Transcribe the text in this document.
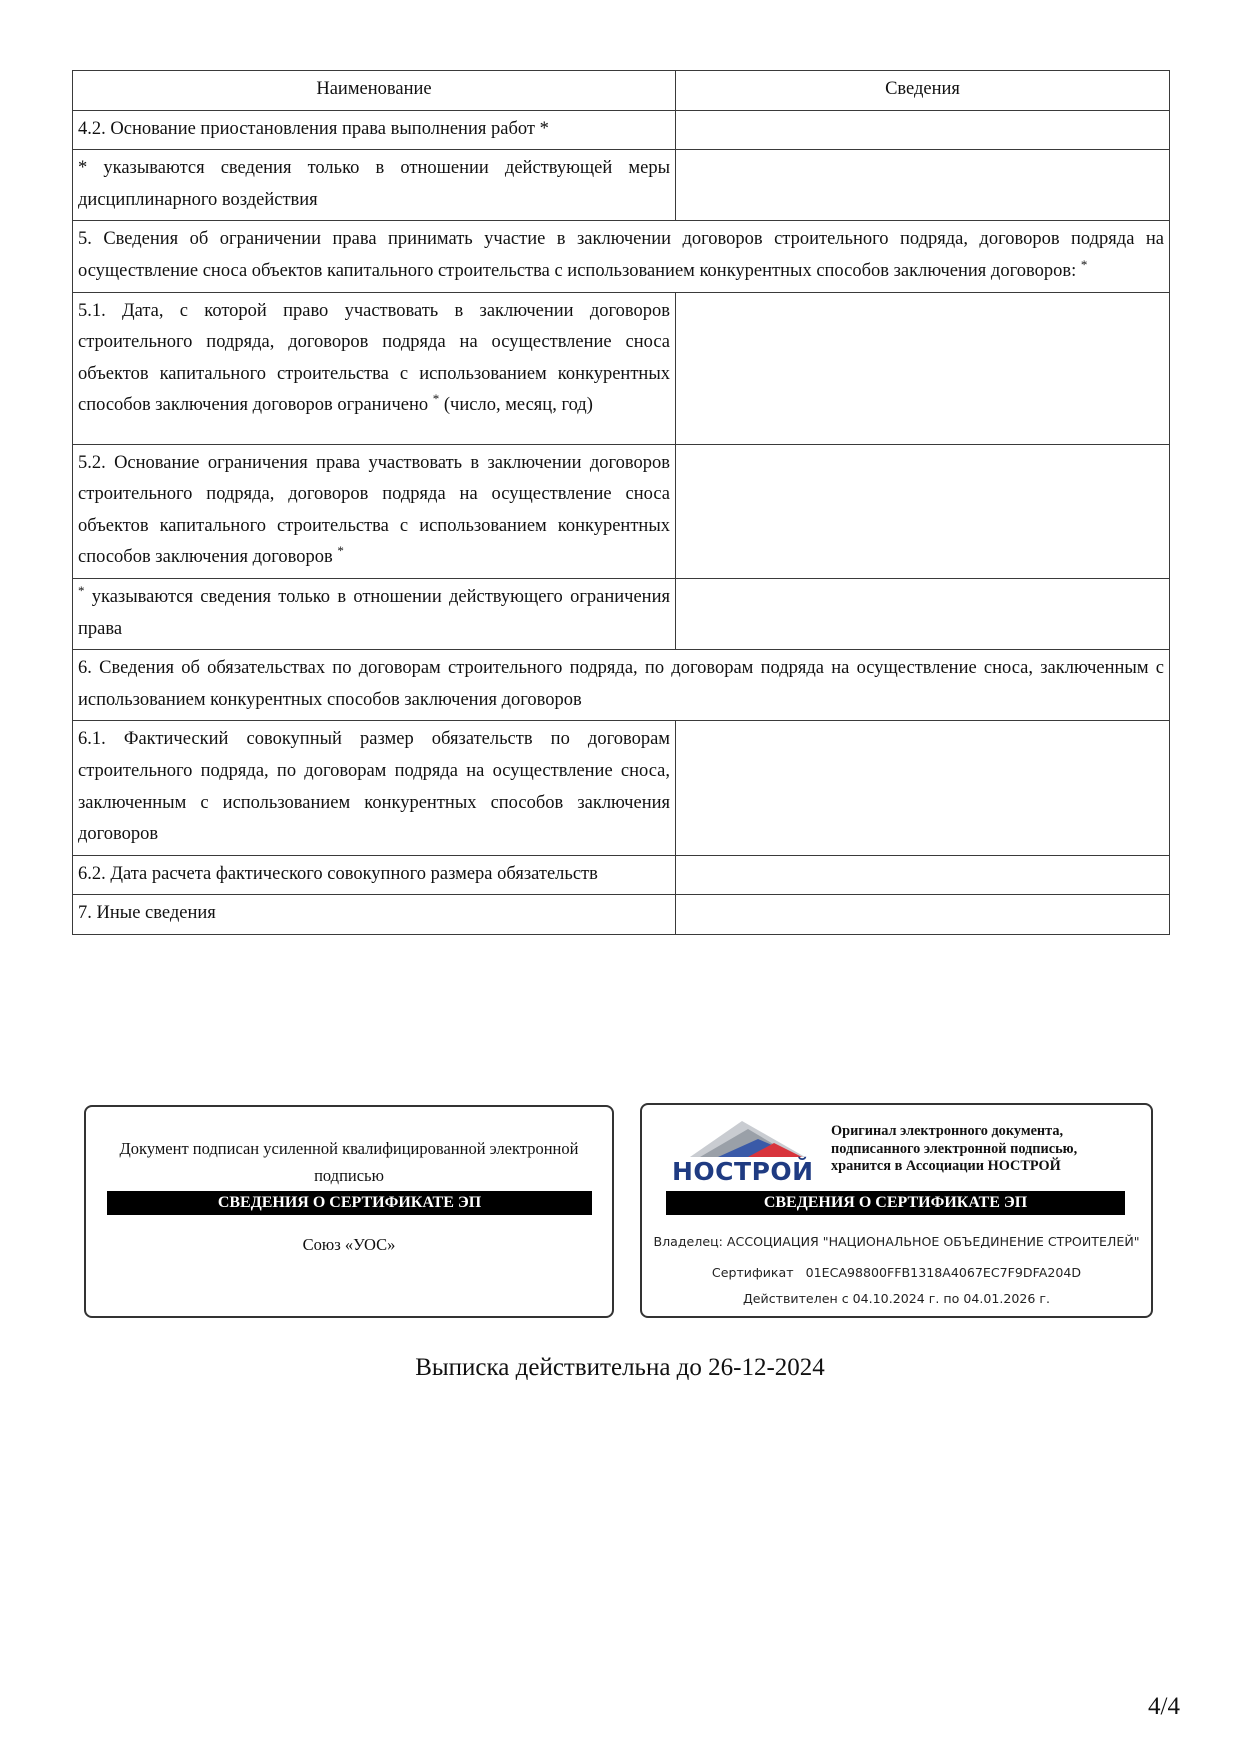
Наименование	Сведения
4.2. Основание приостановления права выполнения работ *	
* указываются сведения только в отношении действующей меры дисциплинарного воздействия	
5. Сведения об ограничении права принимать участие в заключении договоров строительного подряда, договоров подряда на осуществление сноса объектов капитального строительства с использованием конкурентных способов заключения договоров: *
5.1. Дата, с которой право участвовать в заключении договоров строительного подряда, договоров подряда на осуществление сноса объектов капитального строительства с использованием конкурентных способов заключения договоров ограничено * (число, месяц, год)	
5.2. Основание ограничения права участвовать в заключении договоров строительного подряда, договоров подряда на осуществление сноса объектов капитального строительства с использованием конкурентных способов заключения договоров *	
* указываются сведения только в отношении действующего ограничения права	
6. Сведения об обязательствах по договорам строительного подряда, по договорам подряда на осуществление сноса, заключенным с использованием конкурентных способов заключения договоров	
6.1. Фактический совокупный размер обязательств по договорам строительного подряда, по договорам подряда на осуществление сноса, заключенным с использованием конкурентных способов заключения договоров	
6.2. Дата расчета фактического совокупного размера обязательств	
7. Иные сведения	
Документ подписан усиленной квалифицированной электронной подписью
СВЕДЕНИЯ О СЕРТИФИКАТЕ ЭП
Союз «УОС»
НОСТРОЙ
Оригинал электронного документа, подписанного электронной подписью, хранится в Ассоциации НОСТРОЙ
СВЕДЕНИЯ О СЕРТИФИКАТЕ ЭП
Владелец: АССОЦИАЦИЯ "НАЦИОНАЛЬНОЕ ОБЪЕДИНЕНИЕ СТРОИТЕЛЕЙ"
Сертификат   01ECA98800FFB1318A4067EC7F9DFA204D
Действителен с 04.10.2024 г. по 04.01.2026 г.
Выписка действительна до 26-12-2024
4/4
